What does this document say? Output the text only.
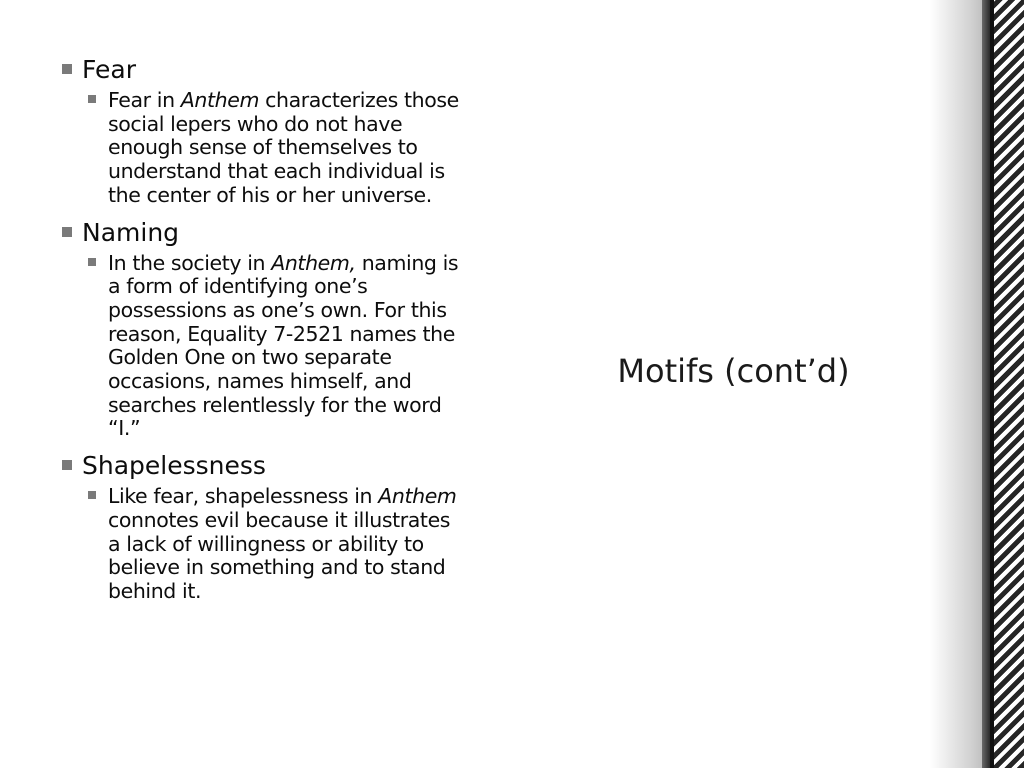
Fear
Fear in Anthem characterizes those social lepers who do not have enough sense of themselves to understand that each individual is the center of his or her universe.
Naming
In the society in Anthem, naming is a form of identifying one’s possessions as one’s own. For this reason, Equality 7-2521 names the Golden One on two separate occasions, names himself, and searches relentlessly for the word “I.”
Shapelessness
Like fear, shapelessness in Anthem connotes evil because it illustrates a lack of willingness or ability to believe in something and to stand behind it.
Motifs (cont’d)
